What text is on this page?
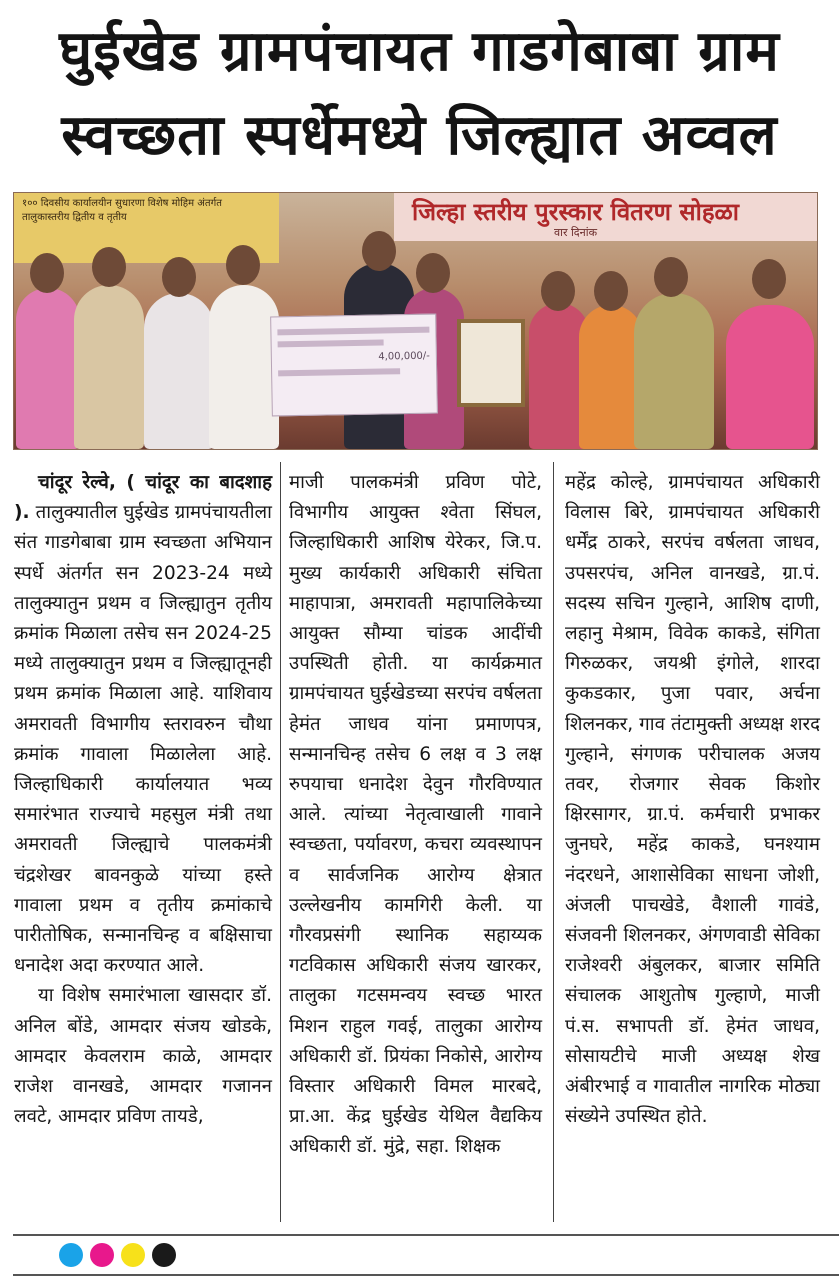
घुईखेड ग्रामपंचायत गाडगेबाबा ग्राम
स्वच्छता स्पर्धेमध्ये जिल्ह्यात अव्वल
१०० दिवसीय कार्यालयीन सुधारणा विशेष मोहिम अंतर्गत
तालुकास्तरीय द्वितीय व तृतीय	जिल्हा स्तरीय पुरस्कार वितरण सोहळा
वार दिनांक
4,00,000/-

चांदूर रेल्वे, ( चांदूर का बादशाह ). तालुक्यातील घुईखेड ग्रामपंचायतीला संत गाडगेबाबा ग्राम स्वच्छता अभियान स्पर्धे अंतर्गत सन 2023-24 मध्ये तालुक्यातुन प्रथम व जिल्ह्यातुन तृतीय क्रमांक मिळाला तसेच सन 2024-25 मध्ये तालुक्यातुन प्रथम व जिल्ह्यातूनही प्रथम क्रमांक मिळाला आहे. याशिवाय अमरावती विभागीय स्तरावरुन चौथा क्रमांक गावाला मिळालेला आहे. जिल्हाधिकारी कार्यालयात भव्य समारंभात राज्याचे महसुल मंत्री तथा अमरावती जिल्ह्याचे पालकमंत्री चंद्रशेखर बावनकुळे यांच्या हस्ते गावाला प्रथम व तृतीय क्रमांकाचे पारीतोषिक, सन्मानचिन्ह व बक्षिसाचा धनादेश अदा करण्यात आले.

या विशेष समारंभाला खासदार डॉ. अनिल बोंडे, आमदार संजय खोडके, आमदार केवलराम काळे, आमदार राजेश वानखडे, आमदार गजानन लवटे, आमदार प्रविण तायडे,

माजी पालकमंत्री प्रविण पोटे, विभागीय आयुक्त श्वेता सिंघल, जिल्हाधिकारी आशिष येरेकर, जि.प. मुख्य कार्यकारी अधिकारी संचिता माहापात्रा, अमरावती महापालिकेच्या आयुक्त सौम्या चांडक आदींची उपस्थिती होती. या कार्यक्रमात ग्रामपंचायत घुईखेडच्या सरपंच वर्षलता हेमंत जाधव यांना प्रमाणपत्र, सन्मानचिन्ह तसेच 6 लक्ष व 3 लक्ष रुपयाचा धनादेश देवुन गौरविण्यात आले. त्यांच्या नेतृत्वाखाली गावाने स्वच्छता, पर्यावरण, कचरा व्यवस्थापन व सार्वजनिक आरोग्य क्षेत्रात उल्लेखनीय कामगिरी केली. या गौरवप्रसंगी स्थानिक सहाय्यक गटविकास अधिकारी संजय खारकर, तालुका गटसमन्वय स्वच्छ भारत मिशन राहुल गवई, तालुका आरोग्य अधिकारी डॉ. प्रियंका निकोसे, आरोग्य विस्तार अधिकारी विमल मारबदे, प्रा.आ. केंद्र घुईखेड येथिल वैद्यकिय अधिकारी डॉ. मुंद्रे, सहा. शिक्षक

महेंद्र कोल्हे, ग्रामपंचायत अधिकारी विलास बिरे, ग्रामपंचायत अधिकारी धर्मेंद्र ठाकरे, सरपंच वर्षलता जाधव, उपसरपंच, अनिल वानखडे, ग्रा.पं. सदस्य सचिन गुल्हाने, आशिष दाणी, लहानु मेश्राम, विवेक काकडे, संगिता गिरुळकर, जयश्री इंगोले, शारदा कुकडकार, पुजा पवार, अर्चना शिलनकर, गाव तंटामुक्ती अध्यक्ष शरद गुल्हाने, संगणक परीचालक अजय तवर, रोजगार सेवक किशोर क्षिरसागर, ग्रा.पं. कर्मचारी प्रभाकर जुनघरे, महेंद्र काकडे, घनश्याम नंदरधने, आशासेविका साधना जोशी, अंजली पाचखेडे, वैशाली गावंडे, संजवनी शिलनकर, अंगणवाडी सेविका राजेश्वरी अंबुलकर, बाजार समिति संचालक आशुतोष गुल्हाणे, माजी पं.स. सभापती डॉ. हेमंत जाधव, सोसायटीचे माजी अध्यक्ष शेख अंबीरभाई व गावातील नागरिक मोठ्या संख्येने उपस्थित होते.
